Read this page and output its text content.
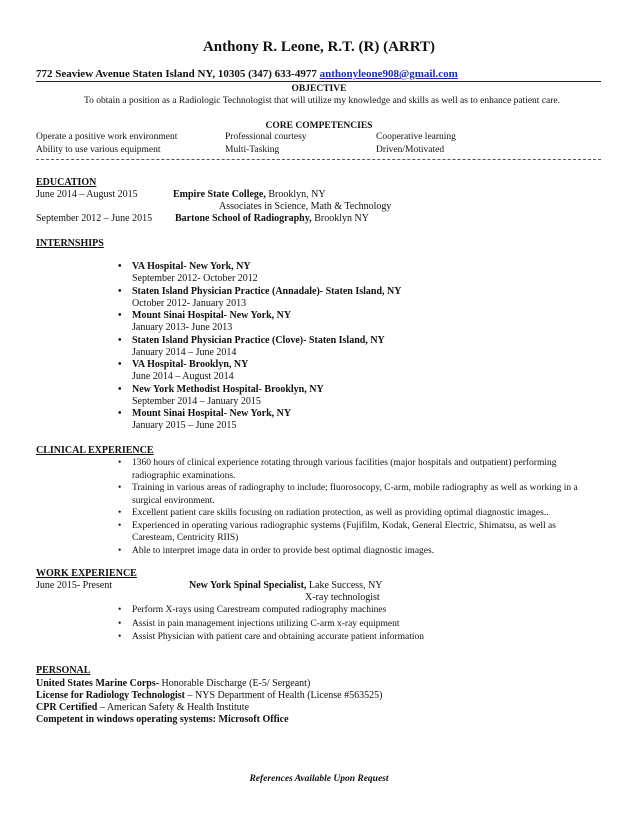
Anthony R. Leone, R.T. (R) (ARRT)
772 Seaview Avenue Staten Island NY, 10305 (347) 633-4977 anthonyleone908@gmail.com
OBJECTIVE
To obtain a position as a Radiologic Technologist that will utilize my knowledge and skills as well as to enhance patient care.
CORE COMPETENCIES
Operate a positive work environment	Professional courtesy	Cooperative learning
Ability to use various equipment	Multi-Tasking	Driven/Motivated
EDUCATION
June 2014 – August 2015	Empire State College, Brooklyn, NY
Associates in Science, Math & Technology
September 2012 – June 2015 Bartone School of Radiography, Brooklyn NY
INTERNSHIPS
• VA Hospital- New York, NY
September 2012- October 2012
• Staten Island Physician Practice (Annadale)- Staten Island, NY
October 2012- January 2013
• Mount Sinai Hospital- New York, NY
January 2013- June 2013
• Staten Island Physician Practice (Clove)- Staten Island, NY
January 2014 – June 2014
• VA Hospital- Brooklyn, NY
June 2014 – August 2014
• New York Methodist Hospital- Brooklyn, NY
September 2014 – January 2015
• Mount Sinai Hospital- New York, NY
January 2015 – June 2015
CLINICAL EXPERIENCE
• 1360 hours of clinical experience rotating through various facilities (major hospitals and outpatient) performing radiographic examinations.
• Training in various areas of radiography to include; fluorosocopy, C-arm, mobile radiography as well as working in a surgical environment.
• Excellent patient care skills focusing on radiation protection, as well as providing optimal diagnostic images..
• Experienced in operating various radiographic systems (Fujifilm, Kodak, General Electric, Shimatsu, as well as Caresteam, Centricity RIIS)
• Able to interpret image data in order to provide best optimal diagnostic images.
WORK EXPERIENCE
June 2015- Present	New York Spinal Specialist, Lake Success, NY
X-ray technologist
• Perform X-rays using Carestream computed radiography machines
• Assist in pain management injections utilizing C-arm x-ray equipment
• Assist Physician with patient care and obtaining accurate patient information
PERSONAL
United States Marine Corps- Honorable Discharge (E-5/ Sergeant)
License for Radiology Technologist – NYS Department of Health (License #563525)
CPR Certified – American Safety & Health Institute
Competent in windows operating systems: Microsoft Office
References Available Upon Request
